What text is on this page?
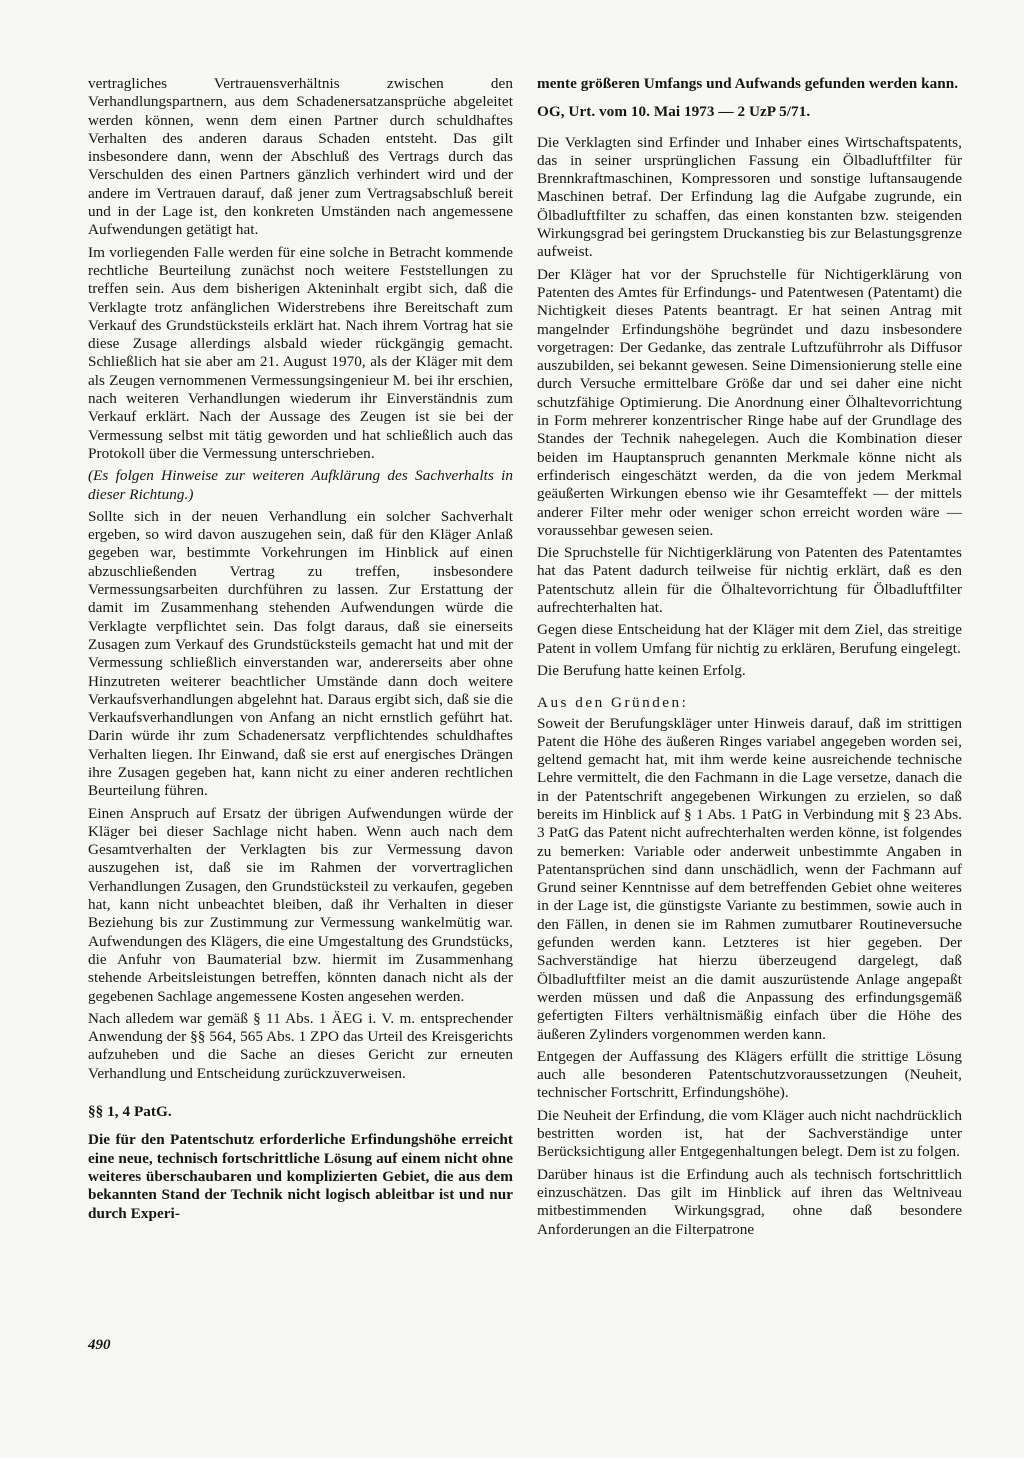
vertragliches Vertrauensverhältnis zwischen den Verhandlungspartnern, aus dem Schadenersatzansprüche abgeleitet werden können, wenn dem einen Partner durch schuldhaftes Verhalten des anderen daraus Schaden entsteht. Das gilt insbesondere dann, wenn der Abschluß des Vertrags durch das Verschulden des einen Partners gänzlich verhindert wird und der andere im Vertrauen darauf, daß jener zum Vertragsabschluß bereit und in der Lage ist, den konkreten Umständen nach angemessene Aufwendungen getätigt hat.

Im vorliegenden Falle werden für eine solche in Betracht kommende rechtliche Beurteilung zunächst noch weitere Feststellungen zu treffen sein. Aus dem bisherigen Akteninhalt ergibt sich, daß die Verklagte trotz anfänglichen Widerstrebens ihre Bereitschaft zum Verkauf des Grundstücksteils erklärt hat. Nach ihrem Vortrag hat sie diese Zusage allerdings alsbald wieder rückgängig gemacht. Schließlich hat sie aber am 21. August 1970, als der Kläger mit dem als Zeugen vernommenen Vermessungsingenieur M. bei ihr erschien, nach weiteren Verhandlungen wiederum ihr Einverständnis zum Verkauf erklärt. Nach der Aussage des Zeugen ist sie bei der Vermessung selbst mit tätig geworden und hat schließlich auch das Protokoll über die Vermessung unterschrieben.

(Es folgen Hinweise zur weiteren Aufklärung des Sachverhalts in dieser Richtung.)

Sollte sich in der neuen Verhandlung ein solcher Sachverhalt ergeben, so wird davon auszugehen sein, daß für den Kläger Anlaß gegeben war, bestimmte Vorkehrungen im Hinblick auf einen abzuschließenden Vertrag zu treffen, insbesondere Vermessungsarbeiten durchführen zu lassen. Zur Erstattung der damit im Zusammenhang stehenden Aufwendungen würde die Verklagte verpflichtet sein. Das folgt daraus, daß sie einerseits Zusagen zum Verkauf des Grundstücksteils gemacht hat und mit der Vermessung schließlich einverstanden war, andererseits aber ohne Hinzutreten weiterer beachtlicher Umstände dann doch weitere Verkaufsverhandlungen abgelehnt hat. Daraus ergibt sich, daß sie die Verkaufsverhandlungen von Anfang an nicht ernstlich geführt hat. Darin würde ihr zum Schadenersatz verpflichtendes schuldhaftes Verhalten liegen. Ihr Einwand, daß sie erst auf energisches Drängen ihre Zusagen gegeben hat, kann nicht zu einer anderen rechtlichen Beurteilung führen.

Einen Anspruch auf Ersatz der übrigen Aufwendungen würde der Kläger bei dieser Sachlage nicht haben. Wenn auch nach dem Gesamtverhalten der Verklagten bis zur Vermessung davon auszugehen ist, daß sie im Rahmen der vorvertraglichen Verhandlungen Zusagen, den Grundstücksteil zu verkaufen, gegeben hat, kann nicht unbeachtet bleiben, daß ihr Verhalten in dieser Beziehung bis zur Zustimmung zur Vermessung wankelmütig war. Aufwendungen des Klägers, die eine Umgestaltung des Grundstücks, die Anfuhr von Baumaterial bzw. hiermit im Zusammenhang stehende Arbeitsleistungen betreffen, könnten danach nicht als der gegebenen Sachlage angemessene Kosten angesehen werden.

Nach alledem war gemäß § 11 Abs. 1 ÄEG i. V. m. entsprechender Anwendung der §§ 564, 565 Abs. 1 ZPO das Urteil des Kreisgerichts aufzuheben und die Sache an dieses Gericht zur erneuten Verhandlung und Entscheidung zurückzuverweisen.

§§ 1, 4 PatG.

Die für den Patentschutz erforderliche Erfindungshöhe erreicht eine neue, technisch fortschrittliche Lösung auf einem nicht ohne weiteres überschaubaren und komplizierten Gebiet, die aus dem bekannten Stand der Technik nicht logisch ableitbar ist und nur durch Experi-

mente größeren Umfangs und Aufwands gefunden werden kann.

OG, Urt. vom 10. Mai 1973 — 2 UzP 5/71.

Die Verklagten sind Erfinder und Inhaber eines Wirtschaftspatents, das in seiner ursprünglichen Fassung ein Ölbadluftfilter für Brennkraftmaschinen, Kompressoren und sonstige luftansaugende Maschinen betraf. Der Erfindung lag die Aufgabe zugrunde, ein Ölbadluftfilter zu schaffen, das einen konstanten bzw. steigenden Wirkungsgrad bei geringstem Druckanstieg bis zur Belastungsgrenze aufweist.

Der Kläger hat vor der Spruchstelle für Nichtigerklärung von Patenten des Amtes für Erfindungs- und Patentwesen (Patentamt) die Nichtigkeit dieses Patents beantragt. Er hat seinen Antrag mit mangelnder Erfindungshöhe begründet und dazu insbesondere vorgetragen: Der Gedanke, das zentrale Luftzuführrohr als Diffusor auszubilden, sei bekannt gewesen. Seine Dimensionierung stelle eine durch Versuche ermittelbare Größe dar und sei daher eine nicht schutzfähige Optimierung. Die Anordnung einer Ölhaltevorrichtung in Form mehrerer konzentrischer Ringe habe auf der Grundlage des Standes der Technik nahegelegen. Auch die Kombination dieser beiden im Hauptanspruch genannten Merkmale könne nicht als erfinderisch eingeschätzt werden, da die von jedem Merkmal geäußerten Wirkungen ebenso wie ihr Gesamteffekt — der mittels anderer Filter mehr oder weniger schon erreicht worden wäre — voraussehbar gewesen seien.

Die Spruchstelle für Nichtigerklärung von Patenten des Patentamtes hat das Patent dadurch teilweise für nichtig erklärt, daß es den Patentschutz allein für die Ölhaltevorrichtung für Ölbadluftfilter aufrechterhalten hat.

Gegen diese Entscheidung hat der Kläger mit dem Ziel, das streitige Patent in vollem Umfang für nichtig zu erklären, Berufung eingelegt.

Die Berufung hatte keinen Erfolg.

Aus den Gründen:

Soweit der Berufungskläger unter Hinweis darauf, daß im strittigen Patent die Höhe des äußeren Ringes variabel angegeben worden sei, geltend gemacht hat, mit ihm werde keine ausreichende technische Lehre vermittelt, die den Fachmann in die Lage versetze, danach die in der Patentschrift angegebenen Wirkungen zu erzielen, so daß bereits im Hinblick auf § 1 Abs. 1 PatG in Verbindung mit § 23 Abs. 3 PatG das Patent nicht aufrechterhalten werden könne, ist folgendes zu bemerken: Variable oder anderweit unbestimmte Angaben in Patentansprüchen sind dann unschädlich, wenn der Fachmann auf Grund seiner Kenntnisse auf dem betreffenden Gebiet ohne weiteres in der Lage ist, die günstigste Variante zu bestimmen, sowie auch in den Fällen, in denen sie im Rahmen zumutbarer Routineversuche gefunden werden kann. Letzteres ist hier gegeben. Der Sachverständige hat hierzu überzeugend dargelegt, daß Ölbadluftfilter meist an die damit auszurüstende Anlage angepaßt werden müssen und daß die Anpassung des erfindungsgemäß gefertigten Filters verhältnismäßig einfach über die Höhe des äußeren Zylinders vorgenommen werden kann.

Entgegen der Auffassung des Klägers erfüllt die strittige Lösung auch alle besonderen Patentschutzvoraussetzungen (Neuheit, technischer Fortschritt, Erfindungshöhe).

Die Neuheit der Erfindung, die vom Kläger auch nicht nachdrücklich bestritten worden ist, hat der Sachverständige unter Berücksichtigung aller Entgegenhaltungen belegt. Dem ist zu folgen.

Darüber hinaus ist die Erfindung auch als technisch fortschrittlich einzuschätzen. Das gilt im Hinblick auf ihren das Weltniveau mitbestimmenden Wirkungsgrad, ohne daß besondere Anforderungen an die Filterpatrone

490
